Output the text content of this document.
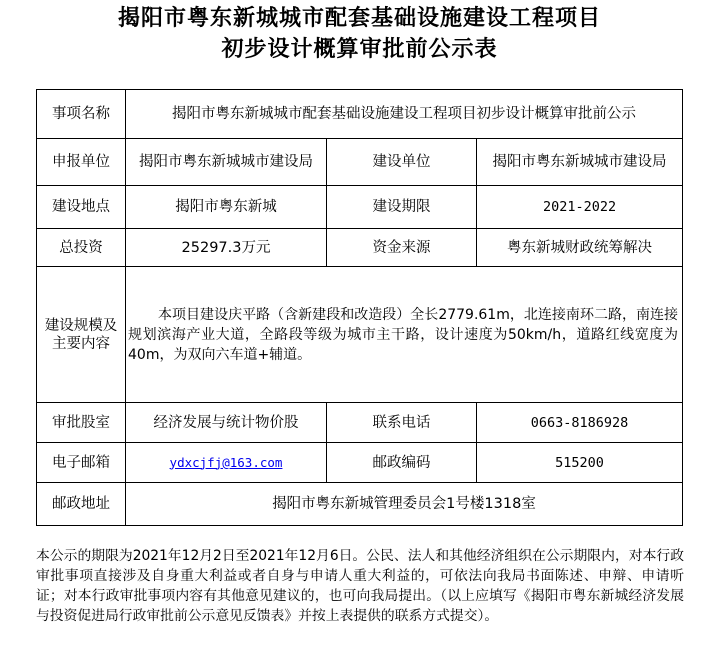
揭阳市粤东新城城市配套基础设施建设工程项目
初步设计概算审批前公示表
事项名称	揭阳市粤东新城城市配套基础设施建设工程项目初步设计概算审批前公示		
申报单位	揭阳市粤东新城城市建设局	建设单位	揭阳市粤东新城城市建设局
建设地点	揭阳市粤东新城	建设期限	2021-2022
总投资	25297.3万元	资金来源	粤东新城财政统筹解决
建设规模及主要内容	本项目建设庆平路（含新建段和改造段）全长2779.61m，北连接南环二路，南连接规划滨海产业大道，全路段等级为城市主干路，设计速度为50km/h，道路红线宽度为40m，为双向六车道+辅道。		
审批股室	经济发展与统计物价股	联系电话	0663-8186928
电子邮箱	ydxcjfj@163.com	邮政编码	515200
邮政地址	揭阳市粤东新城管理委员会1号楼1318室		

本公示的期限为2021年12月2日至2021年12月6日。公民、法人和其他经济组织在公示期限内，对本行政审批事项直接涉及自身重大利益或者自身与申请人重大利益的，可依法向我局书面陈述、申辩、申请听证；对本行政审批事项内容有其他意见建议的，也可向我局提出。（以上应填写《揭阳市粤东新城经济发展与投资促进局行政审批前公示意见反馈表》并按上表提供的联系方式提交）。
